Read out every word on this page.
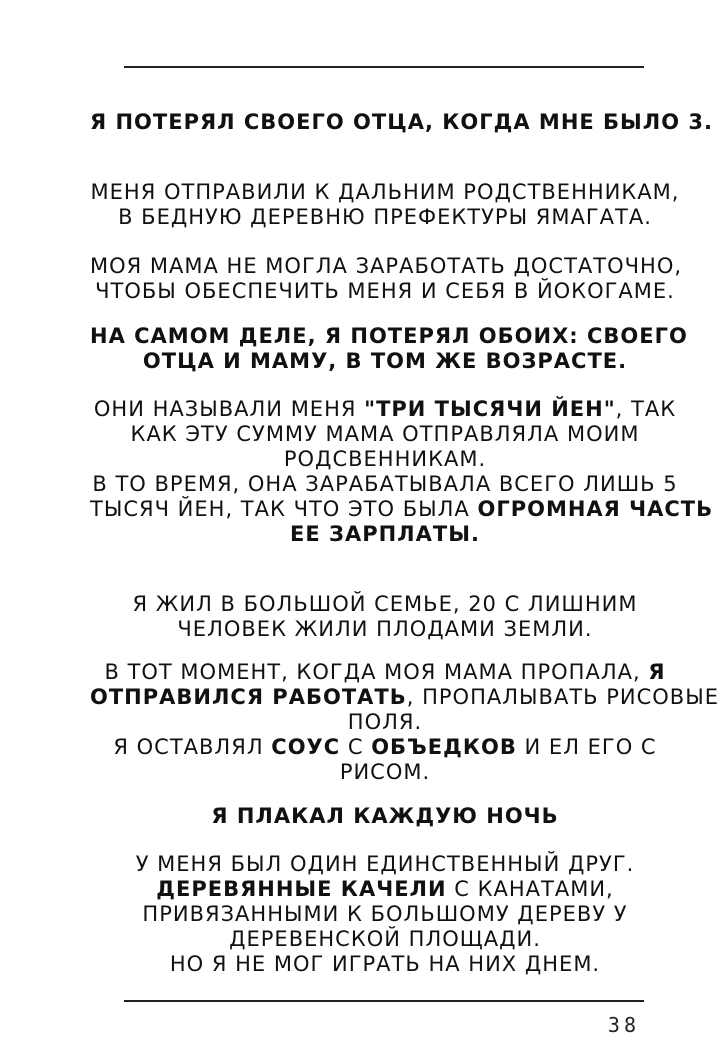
Я ПОТЕРЯЛ СВОЕГО ОТЦА, КОГДА МНЕ БЫЛО 3.
МЕНЯ ОТПРАВИЛИ К ДАЛЬНИМ РОДСТВЕННИКАМ,
В БЕДНУЮ ДЕРЕВНЮ ПРЕФЕКТУРЫ ЯМАГАТА.
МОЯ МАМА НЕ МОГЛА ЗАРАБОТАТЬ ДОСТАТОЧНО,
ЧТОБЫ ОБЕСПЕЧИТЬ МЕНЯ И СЕБЯ В ЙОКОГАМЕ.
НА САМОМ ДЕЛЕ, Я ПОТЕРЯЛ ОБОИХ: СВОЕГО
ОТЦА И МАМУ, В ТОМ ЖЕ ВОЗРАСТЕ.
ОНИ НАЗЫВАЛИ МЕНЯ "ТРИ ТЫСЯЧИ ЙЕН", ТАК
КАК ЭТУ СУММУ МАМА ОТПРАВЛЯЛА МОИМ
РОДСВЕННИКАМ.
В ТО ВРЕМЯ, ОНА ЗАРАБАТЫВАЛА ВСЕГО ЛИШЬ 5
ТЫСЯЧ ЙЕН, ТАК ЧТО ЭТО БЫЛА ОГРОМНАЯ ЧАСТЬ
ЕЕ ЗАРПЛАТЫ.
Я ЖИЛ В БОЛЬШОЙ СЕМЬЕ, 20 С ЛИШНИМ
ЧЕЛОВЕК ЖИЛИ ПЛОДАМИ ЗЕМЛИ.
В ТОТ МОМЕНТ, КОГДА МОЯ МАМА ПРОПАЛА, Я
ОТПРАВИЛСЯ РАБОТАТЬ, ПРОПАЛЫВАТЬ РИСОВЫЕ
ПОЛЯ.
Я ОСТАВЛЯЛ СОУС С ОБЪЕДКОВ И ЕЛ ЕГО С
РИСОМ.
Я ПЛАКАЛ КАЖДУЮ НОЧЬ
У МЕНЯ БЫЛ ОДИН ЕДИНСТВЕННЫЙ ДРУГ.
ДЕРЕВЯННЫЕ КАЧЕЛИ С КАНАТАМИ,
ПРИВЯЗАННЫМИ К БОЛЬШОМУ ДЕРЕВУ У
ДЕРЕВЕНСКОЙ ПЛОЩАДИ.
НО Я НЕ МОГ ИГРАТЬ НА НИХ ДНЕМ.
38
